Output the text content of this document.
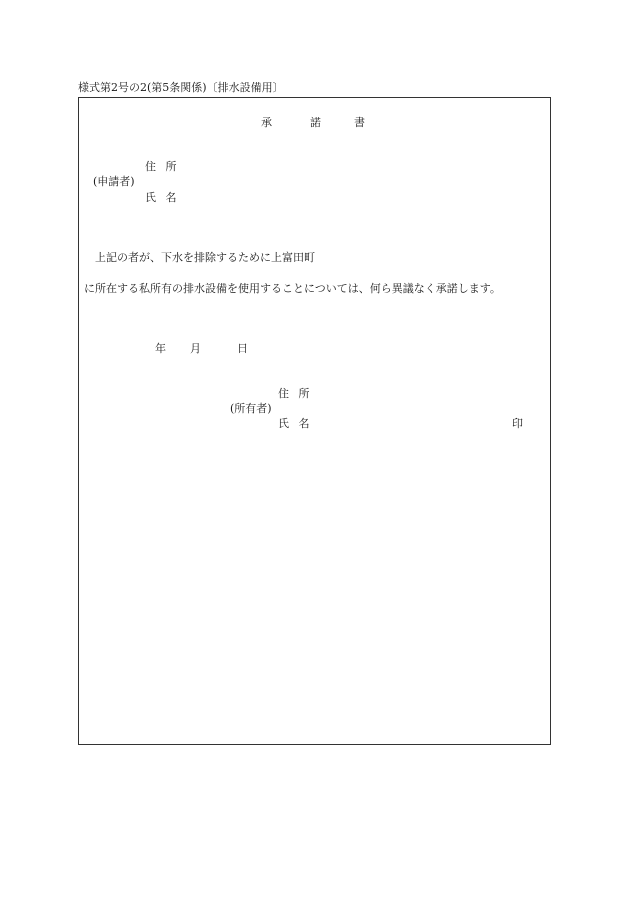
様式第2号の2(第5条関係)〔排水設備用〕
承	諾	書
住 所
(申請者)
氏 名
上記の者が、下水を排除するために上富田町
に所在する私所有の排水設備を使用することについては、何ら異議なく承諾します。
年 月	日
住 所
(所有者)
氏 名	印
